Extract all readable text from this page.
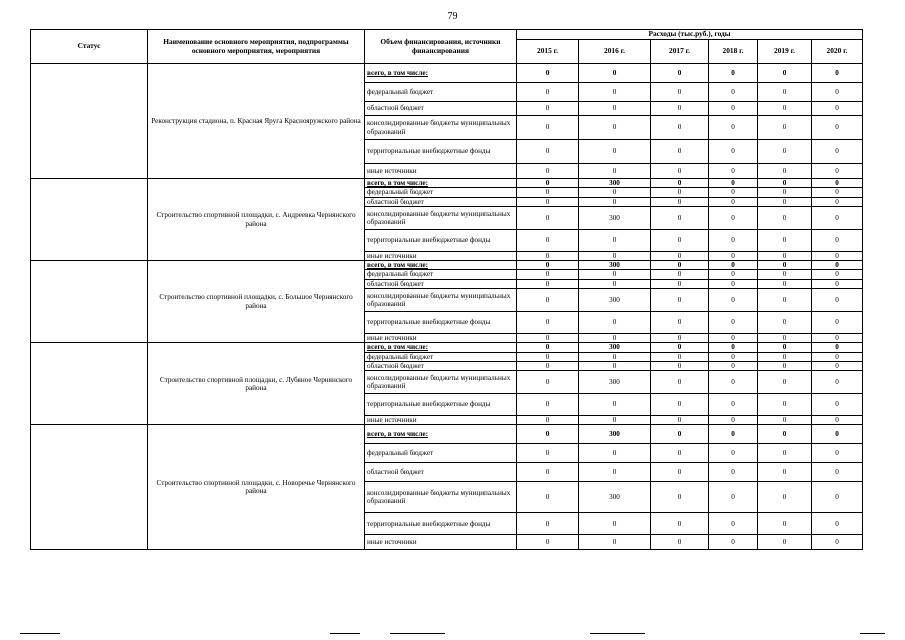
79
Статус	Наименование основного мероприятия, подпрограммы основного мероприятия, мероприятия	Объем финансирования, источники финансирования	Расходы (тыс.руб.), годы					
			2015 г.	2016 г.	2017 г.	2018 г.	2019 г.	2020 г.
	Реконструкция стадиона, п. Красная Яруга Краснояружского района	всего, в том числе:	0	0	0	0	0	0
		федеральный бюджет	0	0	0	0	0	0
		областной бюджет	0	0	0	0	0	0
		консолидированные бюджеты муниципальных образований	0	0	0	0	0	0
		территориальные внебюджетные фонды	0	0	0	0	0	0
		иные источники	0	0	0	0	0	0
	Строительство спортивной площадки, с. Андреевка Чернянского района	всего, в том числе:	0	300	0	0	0	0
		федеральный бюджет	0	0	0	0	0	0
		областной бюджет	0	0	0	0	0	0
		консолидированные бюджеты муниципальных образований	0	300	0	0	0	0
		территориальные внебюджетные фонды	0	0	0	0	0	0
		иные источники	0	0	0	0	0	0
	Строительство спортивной площадки, с. Большое Чернянского района	всего, в том числе:	0	300	0	0	0	0
		федеральный бюджет	0	0	0	0	0	0
		областной бюджет	0	0	0	0	0	0
		консолидированные бюджеты муниципальных образований	0	300	0	0	0	0
		территориальные внебюджетные фонды	0	0	0	0	0	0
		иные источники	0	0	0	0	0	0
	Строительство спортивной площадки, с. Лубяное Чернянского района	всего, в том числе:	0	300	0	0	0	0
		федеральный бюджет	0	0	0	0	0	0
		областной бюджет	0	0	0	0	0	0
		консолидированные бюджеты муниципальных образований	0	300	0	0	0	0
		территориальные внебюджетные фонды	0	0	0	0	0	0
		иные источники	0	0	0	0	0	0
	Строительство спортивной площадки, с. Новоречье Чернянского района	всего, в том числе:	0	300	0	0	0	0
		федеральный бюджет	0	0	0	0	0	0
		областной бюджет	0	0	0	0	0	0
		консолидированные бюджеты муниципальных образований	0	300	0	0	0	0
		территориальные внебюджетные фонды	0	0	0	0	0	0
		иные источники	0	0	0	0	0	0
